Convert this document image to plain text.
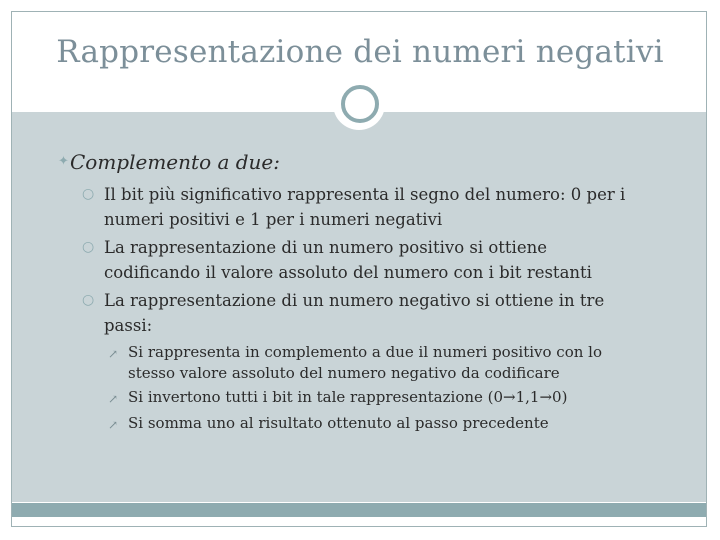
Rappresentazione dei numeri negativi
✦ Complemento a due:
○ Il bit più significativo rappresenta il segno del numero: 0 per i
numeri positivi e 1 per i numeri negativi
○ La rappresentazione di un numero positivo si ottiene
codificando il valore assoluto del numero con i bit restanti
○ La rappresentazione di un numero negativo si ottiene in tre
passi:
↗ Si rappresenta in complemento a due il numeri positivo con lo
stesso valore assoluto del numero negativo da codificare
↗ Si invertono tutti i bit in tale rappresentazione (0→1,1→0)
↗ Si somma uno al risultato ottenuto al passo precedente
